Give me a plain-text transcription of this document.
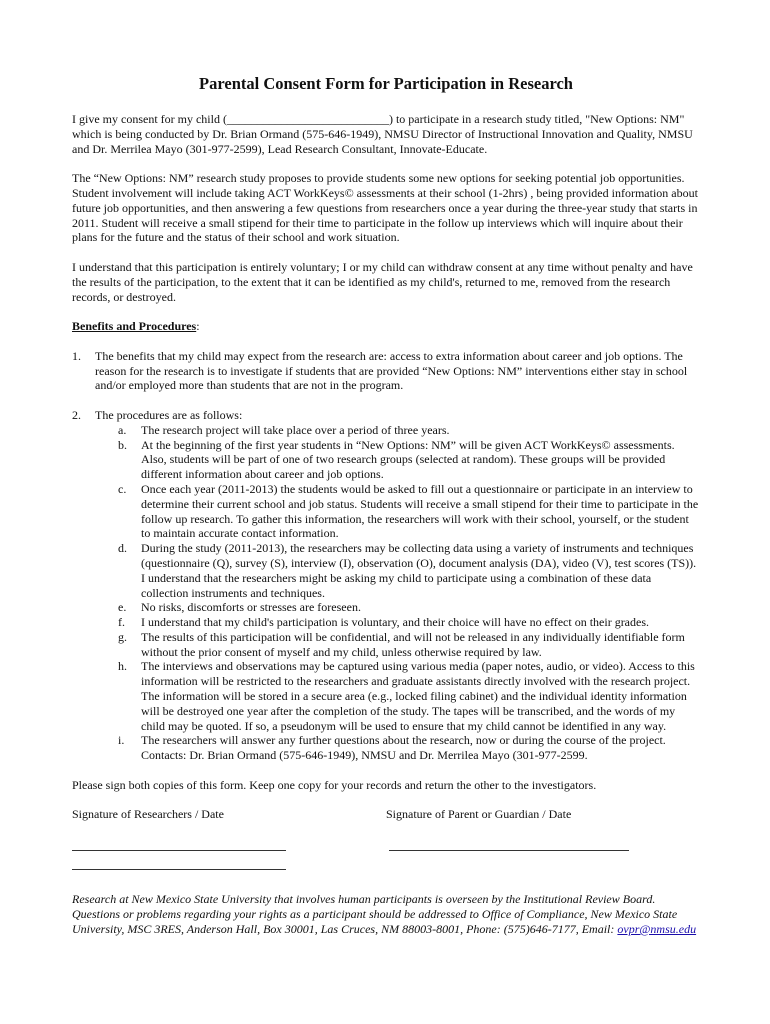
Parental Consent Form for Participation in Research

I give my consent for my child (___________________________) to participate in a research study titled, "New Options: NM" which is being conducted by Dr. Brian Ormand (575-646-1949), NMSU Director of Instructional Innovation and Quality, NMSU and Dr. Merrilea Mayo (301-977-2599), Lead Research Consultant, Innovate-Educate.

The “New Options: NM” research study proposes to provide students some new options for seeking potential job opportunities. Student involvement will include taking ACT WorkKeys© assessments at their school (1-2hrs) , being provided information about future job opportunities, and then answering a few questions from researchers once a year during the three-year study that starts in 2011. Student will receive a small stipend for their time to participate in the follow up interviews which will inquire about their plans for the future and the status of their school and work situation.

I understand that this participation is entirely voluntary; I or my child can withdraw consent at any time without penalty and have the results of the participation, to the extent that it can be identified as my child's, returned to me, removed from the research records, or destroyed.

Benefits and Procedures:

1. The benefits that my child may expect from the research are: access to extra information about career and job options. The reason for the research is to investigate if students that are provided “New Options: NM” interventions either stay in school and/or employed more than students that are not in the program.
2. The procedures are as follows:
a. The research project will take place over a period of three years.
b. At the beginning of the first year students in “New Options: NM” will be given ACT WorkKeys© assessments. Also, students will be part of one of two research groups (selected at random). These groups will be provided different information about career and job options.
c. Once each year (2011-2013) the students would be asked to fill out a questionnaire or participate in an interview to determine their current school and job status. Students will receive a small stipend for their time to participate in the follow up research. To gather this information, the researchers will work with their school, yourself, or the student to maintain accurate contact information.
d. During the study (2011-2013), the researchers may be collecting data using a variety of instruments and techniques (questionnaire (Q), survey (S), interview (I), observation (O), document analysis (DA), video (V), test scores (TS)). I understand that the researchers might be asking my child to participate using a combination of these data collection instruments and techniques.
e. No risks, discomforts or stresses are foreseen.
f. I understand that my child's participation is voluntary, and their choice will have no effect on their grades.
g. The results of this participation will be confidential, and will not be released in any individually identifiable form without the prior consent of myself and my child, unless otherwise required by law.
h. The interviews and observations may be captured using various media (paper notes, audio, or video). Access to this information will be restricted to the researchers and graduate assistants directly involved with the research project. The information will be stored in a secure area (e.g., locked filing cabinet) and the individual identity information will be destroyed one year after the completion of the study. The tapes will be transcribed, and the words of my child may be quoted. If so, a pseudonym will be used to ensure that my child cannot be identified in any way.
i. The researchers will answer any further questions about the research, now or during the course of the project. Contacts: Dr. Brian Ormand (575-646-1949), NMSU and Dr. Merrilea Mayo (301-977-2599.

Please sign both copies of this form. Keep one copy for your records and return the other to the investigators.

Signature of Researchers / Date	Signature of Parent or Guardian / Date

Research at New Mexico State University that involves human participants is overseen by the Institutional Review Board. Questions or problems regarding your rights as a participant should be addressed to Office of Compliance, New Mexico State University, MSC 3RES, Anderson Hall, Box 30001, Las Cruces, NM 88003-8001, Phone: (575)646-7177, Email: ovpr@nmsu.edu
